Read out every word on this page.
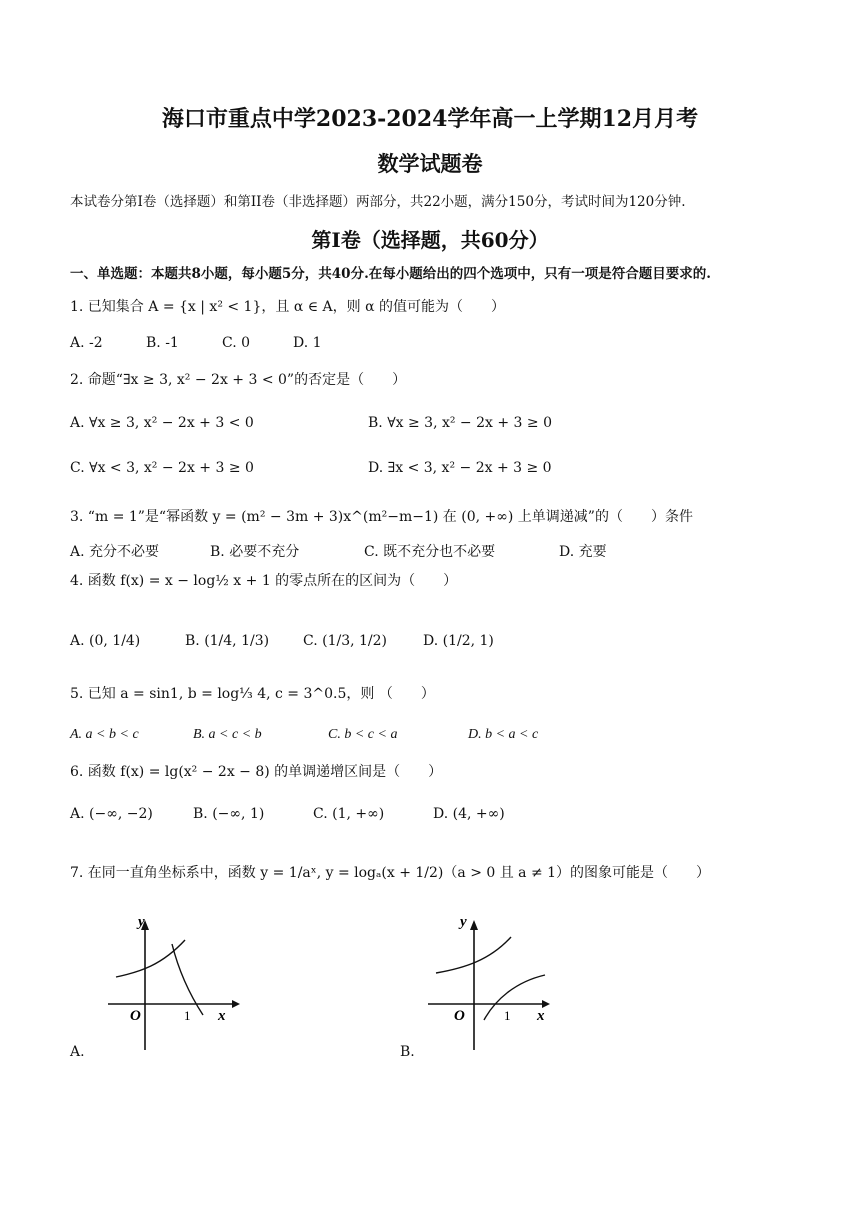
海口市重点中学2023-2024学年高一上学期12月月考
数学试题卷
本试卷分第I卷（选择题）和第II卷（非选择题）两部分，共22小题，满分150分，考试时间为120分钟.
第I卷（选择题，共60分）
一、单选题：本题共8小题，每小题5分，共40分.在每小题给出的四个选项中，只有一项是符合题目要求的.
1. 已知集合 A = {x | x² < 1}，且 α ∈ A，则 α 的值可能为（　　）
A. -2	B. -1	C. 0	D. 1
2. 命题“∃x ≥ 3, x² − 2x + 3 < 0”的否定是（　　）
A. ∀x ≥ 3, x² − 2x + 3 < 0	B. ∀x ≥ 3, x² − 2x + 3 ≥ 0
C. ∀x < 3, x² − 2x + 3 ≥ 0	D. ∃x < 3, x² − 2x + 3 ≥ 0
3. “m = 1”是“幂函数 y = (m² − 3m + 3)x^(m²−m−1) 在 (0, +∞) 上单调递减”的（　　）条件
A. 充分不必要	B. 必要不充分	C. 既不充分也不必要	D. 充要
4. 函数 f(x) = x − log½ x + 1 的零点所在的区间为（　　）
A. (0, 1/4)	B. (1/4, 1/3) C. (1/3, 1/2)	D. (1/2, 1)
5. 已知 a = sin1, b = log⅓ 4, c = 3^0.5，则 （　　）
A. a < b < c	B. a < c < b	C. b < c < a	D. b < a < c
6. 函数 f(x) = lg(x² − 2x − 8) 的单调递增区间是（　　）
A. (−∞, −2)	B. (−∞, 1)	C. (1, +∞)	D. (4, +∞)
7. 在同一直角坐标系中，函数 y = 1/aˣ, y = logₐ(x + 1/2)（a > 0 且 a ≠ 1）的图象可能是（　　）
y
x
O	1
A.
y
x
O	1
B.
